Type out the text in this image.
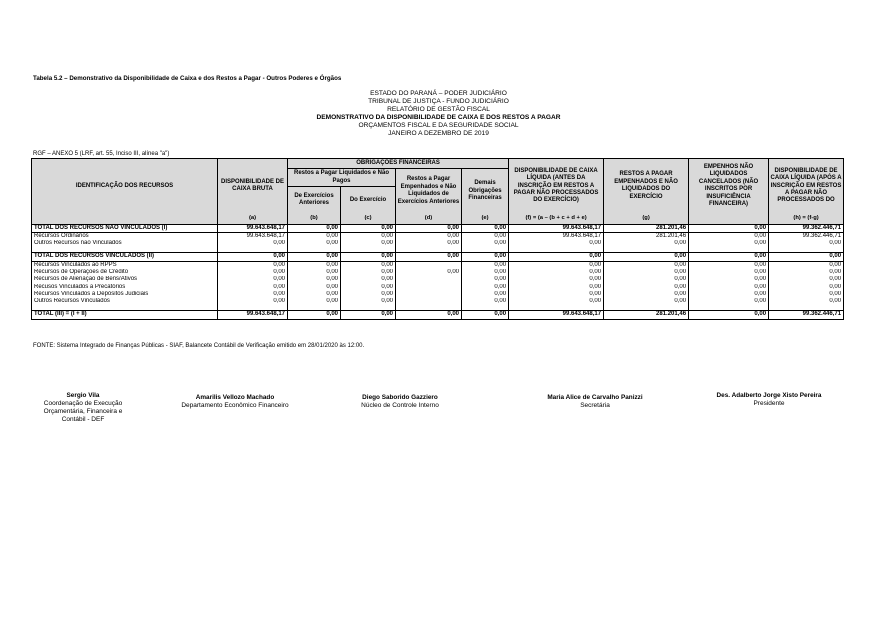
Tabela 5.2 – Demonstrativo da Disponibilidade de Caixa e dos Restos a Pagar - Outros Poderes e Órgãos
ESTADO DO PARANÁ – PODER JUDICIÁRIO
TRIBUNAL DE JUSTIÇA - FUNDO JUDICIÁRIO
RELATÓRIO DE GESTÃO FISCAL
DEMONSTRATIVO DA DISPONIBILIDADE DE CAIXA E DOS RESTOS A PAGAR
ORÇAMENTOS FISCAL E DA SEGURIDADE SOCIAL
JANEIRO A DEZEMBRO DE 2019
RGF – ANEXO 5 (LRF, art. 55, Inciso III, alínea "a")
IDENTIFICAÇÃO DOS RECURSOS	DISPONIBILIDADE DE CAIXA BRUTA	OBRIGAÇÕES FINANCEIRAS				DISPONIBILIDADE DE CAIXA LÍQUIDA (ANTES DA INSCRIÇÃO EM RESTOS A PAGAR NÃO PROCESSADOS DO EXERCÍCIO)	RESTOS A PAGAR EMPENHADOS E NÃO LIQUIDADOS DO EXERCÍCIO	EMPENHOS NÃO LIQUIDADOS CANCELADOS (NÃO INSCRITOS POR INSUFICIÊNCIA FINANCEIRA)	DISPONIBILIDADE DE CAIXA LÍQUIDA (APÓS A INSCRIÇÃO EM RESTOS A PAGAR NÃO PROCESSADOS DO
		Restos a Pagar Liquidados e Não Pagos		Restos a Pagar Empenhados e Não Liquidados de Exercícios Anteriores	Demais Obrigações Financeiras				
		De Exercícios Anteriores	Do Exercício						
	(a)	(b)	(c)	(d)	(e)	(f) = (a – (b + c + d + e)	(g)		(h) = (f-g)
TOTAL DOS RECURSOS NÃO VINCULADOS (I)	99.643.648,17	0,00	0,00	0,00	0,00	99.643.648,17	281.201,46	0,00	99.362.446,71
Recursos Ordinários	99.643.648,17	0,00	0,00	0,00	0,00	99.643.648,17	281.201,46	0,00	99.362.446,71
Outros Recursos não Vinculados	0,00	0,00	0,00	0,00	0,00	0,00	0,00	0,00	0,00

TOTAL DOS RECURSOS VINCULADOS (II)	0,00	0,00	0,00	0,00	0,00	0,00	0,00	0,00	0,00
Recursos Vinculados ao RPPS	0,00	0,00	0,00		0,00	0,00	0,00	0,00	0,00
Recursos de Operações de Crédito	0,00	0,00	0,00	0,00	0,00	0,00	0,00	0,00	0,00
Recursos de Alienação de Bens/Ativos	0,00	0,00	0,00		0,00	0,00	0,00	0,00	0,00
Recusos Vinculados a Precatórios	0,00	0,00	0,00		0,00	0,00	0,00	0,00	0,00
Recursos Vinculados a Depósitos Judiciais	0,00	0,00	0,00		0,00	0,00	0,00	0,00	0,00
Outros Recursos Vinculados	0,00	0,00	0,00		0,00	0,00	0,00	0,00	0,00

TOTAL (III) = (I + II)	99.643.648,17	0,00	0,00	0,00	0,00	99.643.648,17	281.201,46	0,00	99.362.446,71
FONTE: Sistema Integrado de Finanças Públicas - SIAF, Balancete Contábil de Verificação emitido em 28/01/2020 às 12:00.
Sergio Vila
Coordenação de Execução
Orçamentária, Financeira e
Contábil - DEF
Amarilis Vellozo Machado
Departamento Econômico Financeiro
Diego Saborido Gazziero
Núcleo de Controle Interno
Maria Alice de Carvalho Panizzi
Secretária
Des. Adalberto Jorge Xisto Pereira
Presidente
